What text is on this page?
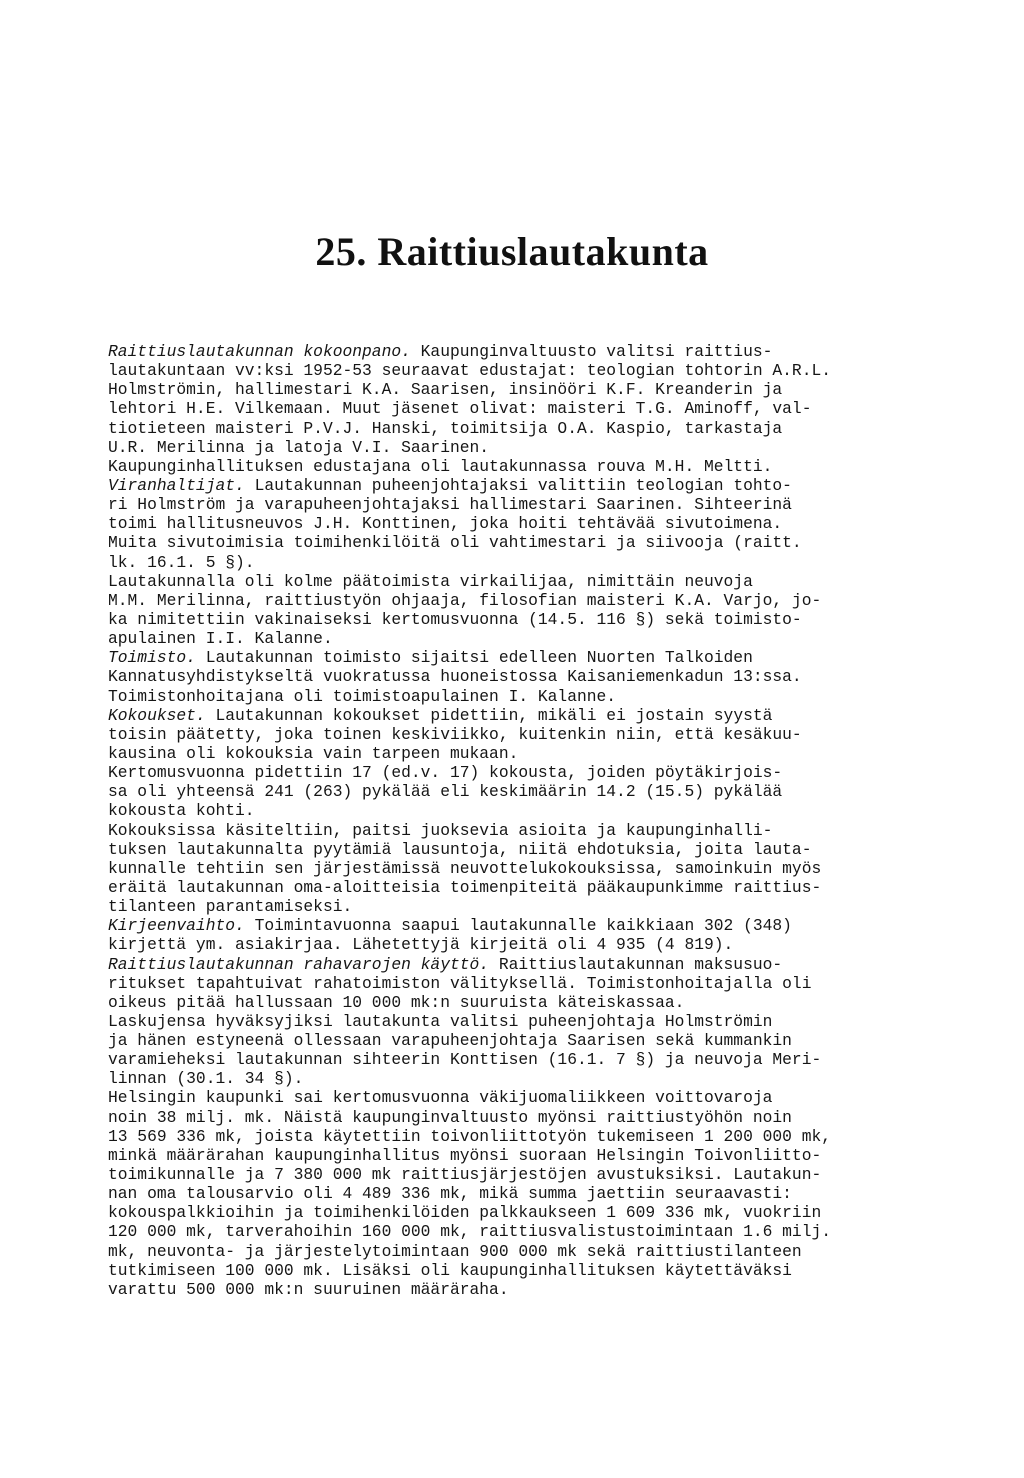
25. Raittiuslautakunta
Raittiuslautakunnan kokoonpano. Kaupunginvaltuusto valitsi raittius-
lautakuntaan vv:ksi 1952-53 seuraavat edustajat: teologian tohtorin A.R.L.
Holmströmin, hallimestari K.A. Saarisen, insinööri K.F. Kreanderin ja
lehtori H.E. Vilkemaan. Muut jäsenet olivat: maisteri T.G. Aminoff, val-
tiotieteen maisteri P.V.J. Hanski, toimitsija O.A. Kaspio, tarkastaja
U.R. Merilinna ja latoja V.I. Saarinen.
Kaupunginhallituksen edustajana oli lautakunnassa rouva M.H. Meltti.
Viranhaltijat. Lautakunnan puheenjohtajaksi valittiin teologian tohto-
ri Holmström ja varapuheenjohtajaksi hallimestari Saarinen. Sihteerinä
toimi hallitusneuvos J.H. Konttinen, joka hoiti tehtävää sivutoimena.
Muita sivutoimisia toimihenkilöitä oli vahtimestari ja siivooja (raitt.
lk. 16.1. 5 §).
Lautakunnalla oli kolme päätoimista virkailijaa, nimittäin neuvoja
M.M. Merilinna, raittiustyön ohjaaja, filosofian maisteri K.A. Varjo, jo-
ka nimitettiin vakinaiseksi kertomusvuonna (14.5. 116 §) sekä toimisto-
apulainen I.I. Kalanne.
Toimisto. Lautakunnan toimisto sijaitsi edelleen Nuorten Talkoiden
Kannatusyhdistykseltä vuokratussa huoneistossa Kaisaniemenkadun 13:ssa.
Toimistonhoitajana oli toimistoapulainen I. Kalanne.
Kokoukset. Lautakunnan kokoukset pidettiin, mikäli ei jostain syystä
toisin päätetty, joka toinen keskiviikko, kuitenkin niin, että kesäkuu-
kausina oli kokouksia vain tarpeen mukaan.
Kertomusvuonna pidettiin 17 (ed.v. 17) kokousta, joiden pöytäkirjois-
sa oli yhteensä 241 (263) pykälää eli keskimäärin 14.2 (15.5) pykälää
kokousta kohti.
Kokouksissa käsiteltiin, paitsi juoksevia asioita ja kaupunginhalli-
tuksen lautakunnalta pyytämiä lausuntoja, niitä ehdotuksia, joita lauta-
kunnalle tehtiin sen järjestämissä neuvottelukokouksissa, samoinkuin myös
eräitä lautakunnan oma-aloitteisia toimenpiteitä pääkaupunkimme raittius-
tilanteen parantamiseksi.
Kirjeenvaihto. Toimintavuonna saapui lautakunnalle kaikkiaan 302 (348)
kirjettä ym. asiakirjaa. Lähetettyjä kirjeitä oli 4 935 (4 819).
Raittiuslautakunnan rahavarojen käyttö. Raittiuslautakunnan maksusuo-
ritukset tapahtuivat rahatoimiston välityksellä. Toimistonhoitajalla oli
oikeus pitää hallussaan 10 000 mk:n suuruista käteiskassaa.
Laskujensa hyväksyjiksi lautakunta valitsi puheenjohtaja Holmströmin
ja hänen estyneenä ollessaan varapuheenjohtaja Saarisen sekä kummankin
varamieheksi lautakunnan sihteerin Konttisen (16.1. 7 §) ja neuvoja Meri-
linnan (30.1. 34 §).
Helsingin kaupunki sai kertomusvuonna väkijuomaliikkeen voittovaroja
noin 38 milj. mk. Näistä kaupunginvaltuusto myönsi raittiustyöhön noin
13 569 336 mk, joista käytettiin toivonliittotyön tukemiseen 1 200 000 mk,
minkä määrärahan kaupunginhallitus myönsi suoraan Helsingin Toivonliitto-
toimikunnalle ja 7 380 000 mk raittiusjärjestöjen avustuksiksi. Lautakun-
nan oma talousarvio oli 4 489 336 mk, mikä summa jaettiin seuraavasti:
kokouspalkkioihin ja toimihenkilöiden palkkaukseen 1 609 336 mk, vuokriin
120 000 mk, tarverahoihin 160 000 mk, raittiusvalistustoimintaan 1.6 milj.
mk, neuvonta- ja järjestelytoimintaan 900 000 mk sekä raittiustilanteen
tutkimiseen 100 000 mk. Lisäksi oli kaupunginhallituksen käytettäväksi
varattu 500 000 mk:n suuruinen määräraha.
